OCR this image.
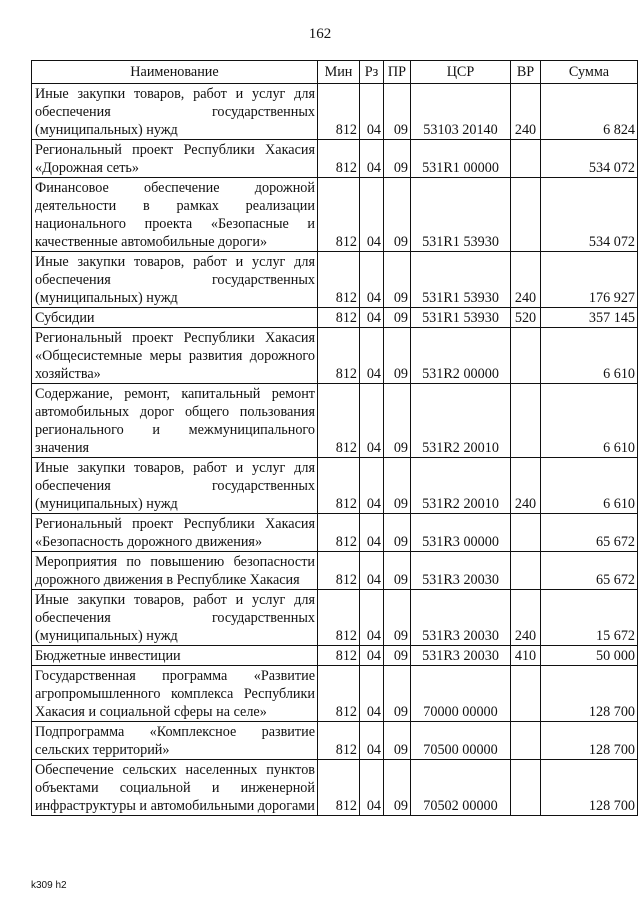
162
Наименование	Мин	Рз	ПР	ЦСР	ВР	Сумма
Иные закупки товаров, работ и услуг для обеспечения государственных (муниципальных) нужд	812	04	09	53103 20140	240	6 824
Региональный проект Республики Хакасия «Дорожная сеть»	812	04	09	531R1 00000		534 072
Финансовое обеспечение дорожной деятельности в рамках реализации национального проекта «Безопасные и качественные автомобильные дороги»	812	04	09	531R1 53930		534 072
Иные закупки товаров, работ и услуг для обеспечения государственных (муниципальных) нужд	812	04	09	531R1 53930	240	176 927
Субсидии	812	04	09	531R1 53930	520	357 145
Региональный проект Республики Хакасия «Общесистемные меры развития дорожного хозяйства»	812	04	09	531R2 00000		6 610
Содержание, ремонт, капитальный ремонт автомобильных дорог общего пользования регионального и межмуниципального значения	812	04	09	531R2 20010		6 610
Иные закупки товаров, работ и услуг для обеспечения государственных (муниципальных) нужд	812	04	09	531R2 20010	240	6 610
Региональный проект Республики Хакасия «Безопасность дорожного движения»	812	04	09	531R3 00000		65 672
Мероприятия по повышению безопасности дорожного движения в Республике Хакасия	812	04	09	531R3 20030		65 672
Иные закупки товаров, работ и услуг для обеспечения государственных (муниципальных) нужд	812	04	09	531R3 20030	240	15 672
Бюджетные инвестиции	812	04	09	531R3 20030	410	50 000
Государственная программа «Развитие агропромышленного комплекса Республики Хакасия и социальной сферы на селе»	812	04	09	70000 00000		128 700
Подпрограмма «Комплексное развитие сельских территорий»	812	04	09	70500 00000		128 700
Обеспечение сельских населенных пунктов объектами социальной и инженерной инфраструктуры и автомобильными дорогами	812	04	09	70502 00000		128 700
k309 h2
